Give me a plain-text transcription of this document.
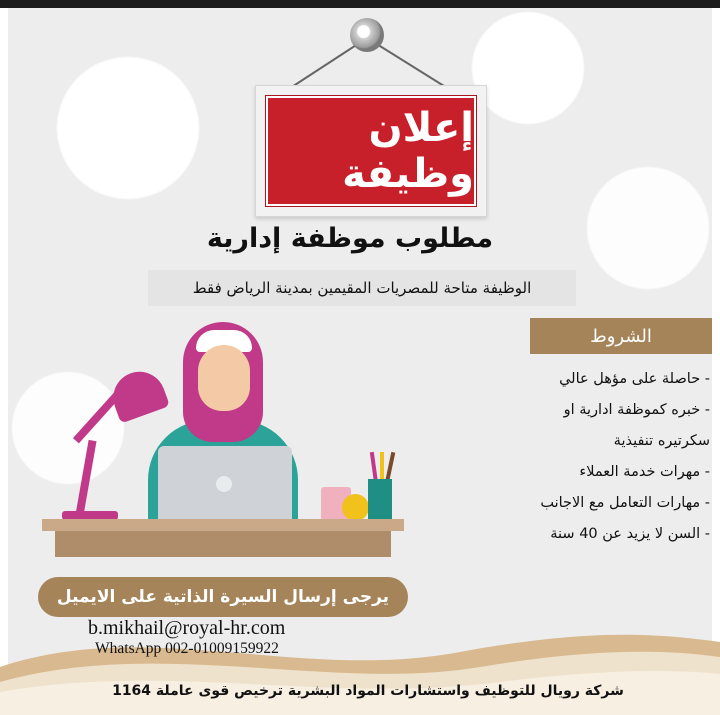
إعلان وظيفة
مطلوب موظفة إدارية
الوظيفة متاحة للمصريات المقيمين بمدينة الرياض فقط
الشروط
- حاصلة على مؤهل عالي
- خبره كموظفة ادارية او
سكرتيره تنفيذية
- مهرات خدمة العملاء
- مهارات التعامل مع الاجانب
- السن لا يزيد عن 40 سنة
يرجى إرسال السيرة الذاتية على الايميل
b.mikhail@royal-hr.com
WhatsApp 002-01009159922
شركة رويال للتوظيف واستشارات المواد البشرية ترخيص قوى عاملة 1164
